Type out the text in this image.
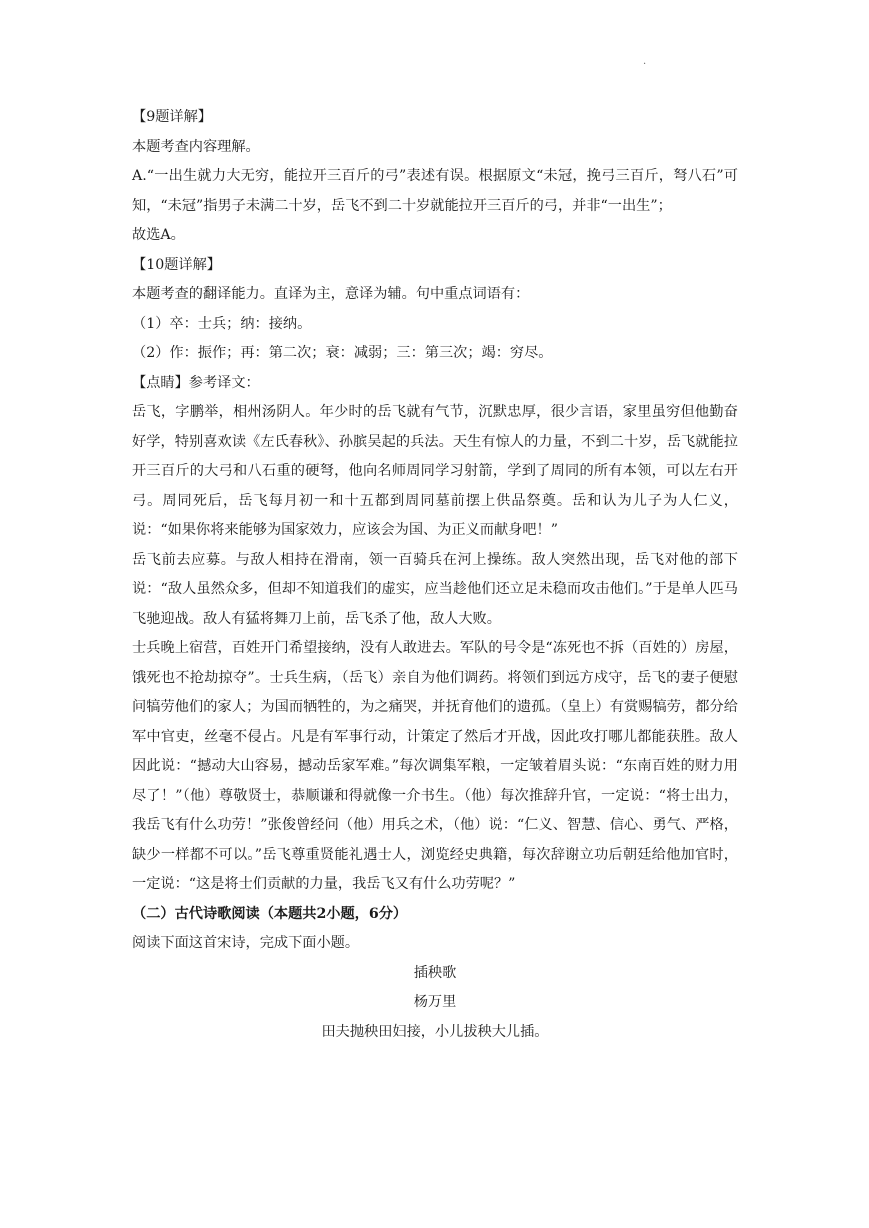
.
【9题详解】
本题考查内容理解。
A.“一出生就力大无穷，能拉开三百斤的弓”表述有误。根据原文“未冠，挽弓三百斤，弩八石”可知，“未冠”指男子未满二十岁，岳飞不到二十岁就能拉开三百斤的弓，并非“一出生”；
故选A。
【10题详解】
本题考查的翻译能力。直译为主，意译为辅。句中重点词语有：
（1）卒：士兵；纳：接纳。
（2）作：振作；再：第二次；衰：减弱；三：第三次；竭：穷尽。
【点睛】参考译文：
岳飞，字鹏举，相州汤阴人。年少时的岳飞就有气节，沉默忠厚，很少言语，家里虽穷但他勤奋好学，特别喜欢读《左氏春秋》、孙膑吴起的兵法。天生有惊人的力量，不到二十岁，岳飞就能拉开三百斤的大弓和八石重的硬弩，他向名师周同学习射箭，学到了周同的所有本领，可以左右开弓。周同死后，岳飞每月初一和十五都到周同墓前摆上供品祭奠。岳和认为儿子为人仁义，说：“如果你将来能够为国家效力，应该会为国、为正义而献身吧！”
岳飞前去应募。与敌人相持在滑南，领一百骑兵在河上操练。敌人突然出现，岳飞对他的部下说：“敌人虽然众多，但却不知道我们的虚实，应当趁他们还立足未稳而攻击他们。”于是单人匹马飞驰迎战。敌人有猛将舞刀上前，岳飞杀了他，敌人大败。
士兵晚上宿营，百姓开门希望接纳，没有人敢进去。军队的号令是“冻死也不拆（百姓的）房屋，饿死也不抢劫掠夺”。士兵生病，（岳飞）亲自为他们调药。将领们到远方戍守，岳飞的妻子便慰问犒劳他们的家人；为国而牺牲的，为之痛哭，并抚育他们的遗孤。（皇上）有赏赐犒劳，都分给军中官吏，丝毫不侵占。凡是有军事行动，计策定了然后才开战，因此攻打哪儿都能获胜。敌人因此说：“撼动大山容易，撼动岳家军难。”每次调集军粮，一定皱着眉头说：“东南百姓的财力用尽了！”（他）尊敬贤士，恭顺谦和得就像一介书生。（他）每次推辞升官，一定说：“将士出力，我岳飞有什么功劳！”张俊曾经问（他）用兵之术，（他）说：“仁义、智慧、信心、勇气、严格，缺少一样都不可以。”岳飞尊重贤能礼遇士人，浏览经史典籍，每次辞谢立功后朝廷给他加官时，一定说：“这是将士们贡献的力量，我岳飞又有什么功劳呢？”
（二）古代诗歌阅读（本题共2小题，6分）
阅读下面这首宋诗，完成下面小题。
插秧歌
杨万里
田夫抛秧田妇接，小儿拔秧大儿插。
